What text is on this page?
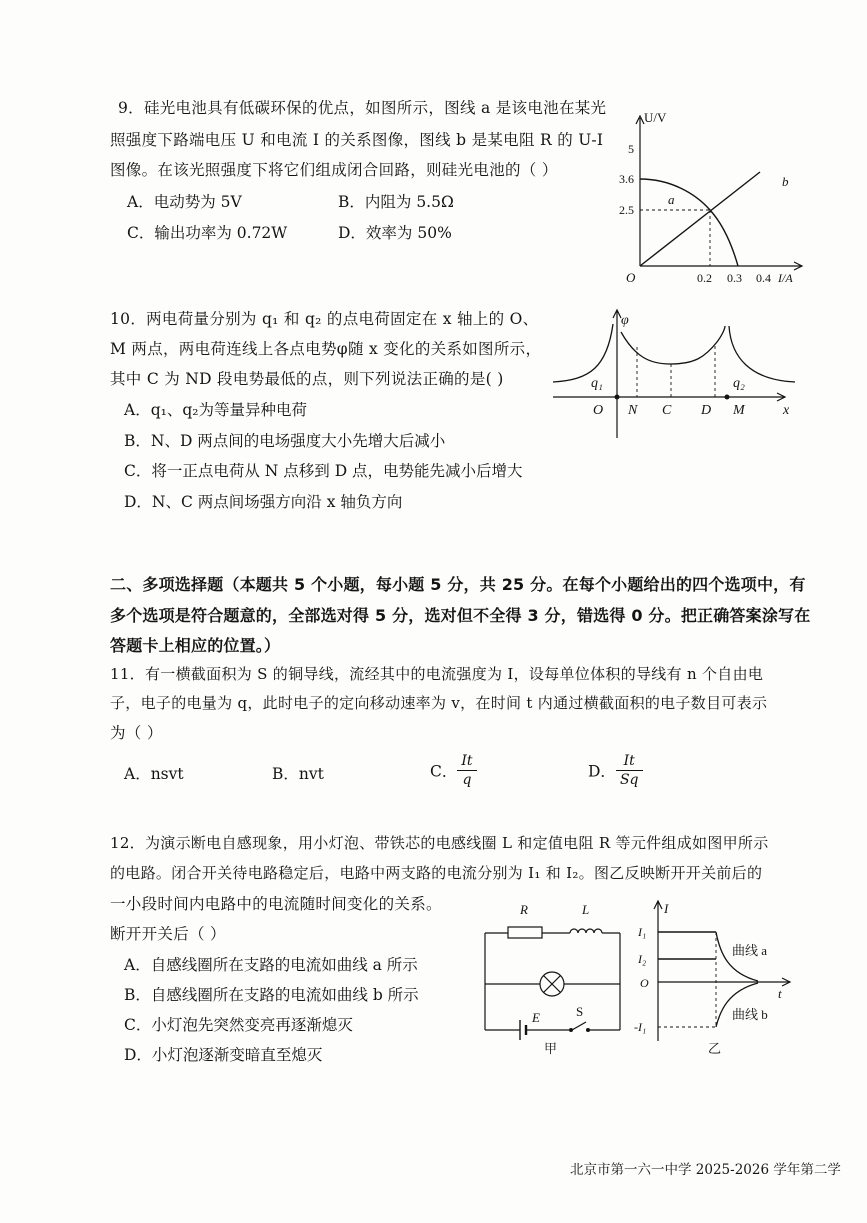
9．硅光电池具有低碳环保的优点，如图所示，图线 a 是该电池在某光
照强度下路端电压 U 和电流 I 的关系图像，图线 b 是某电阻 R 的 U-I
图像。在该光照强度下将它们组成闭合回路，则硅光电池的（ ）
A．电动势为 5V	B．内阻为 5.5Ω
C．输出功率为 0.72W	D．效率为 50%
U/V
5
3.6
2.5
O	0.2 0.3 0.4 I/A
a
b
10．两电荷量分别为 q₁ 和 q₂ 的点电荷固定在 x 轴上的 O、
M 两点，两电荷连线上各点电势φ随 x 变化的关系如图所示，
其中 C 为 ND 段电势最低的点，则下列说法正确的是( )
A．q₁、q₂为等量异种电荷
B．N、D 两点间的电场强度大小先增大后减小
C．将一正点电荷从 N 点移到 D 点，电势能先减小后增大
D．N、C 两点间场强方向沿 x 轴负方向
φ
x
q₁	q₂
O N C D M
二、多项选择题（本题共 5 个小题，每小题 5 分，共 25 分。在每个小题给出的四个选项中，有
多个选项是符合题意的，全部选对得 5 分，选对但不全得 3 分，错选得 0 分。把正确答案涂写在
答题卡上相应的位置。）
11．有一横截面积为 S 的铜导线，流经其中的电流强度为 I，设每单位体积的导线有 n 个自由电
子，电子的电量为 q，此时电子的定向移动速率为 v，在时间 t 内通过横截面积的电子数目可表示
为（ ）
A．nsvt	B．nvt	C． $\frac{It}{q}$	D． $\frac{It}{Sq}$
12．为演示断电自感现象，用小灯泡、带铁芯的电感线圈 L 和定值电阻 R 等元件组成如图甲所示
的电路。闭合开关待电路稳定后，电路中两支路的电流分别为 I₁ 和 I₂。图乙反映断开开关前后的
一小段时间内电路中的电流随时间变化的关系。
断开开关后（ ）
A．自感线圈所在支路的电流如曲线 a 所示
B．自感线圈所在支路的电流如曲线 b 所示
C．小灯泡先突然变亮再逐渐熄灭
D．小灯泡逐渐变暗直至熄灭
R	L
E	S
甲
I
t
I₁
I₂
O
-I₁
曲线 a
曲线 b
乙
北京市第一六一中学 2025-2026 学年第二学
